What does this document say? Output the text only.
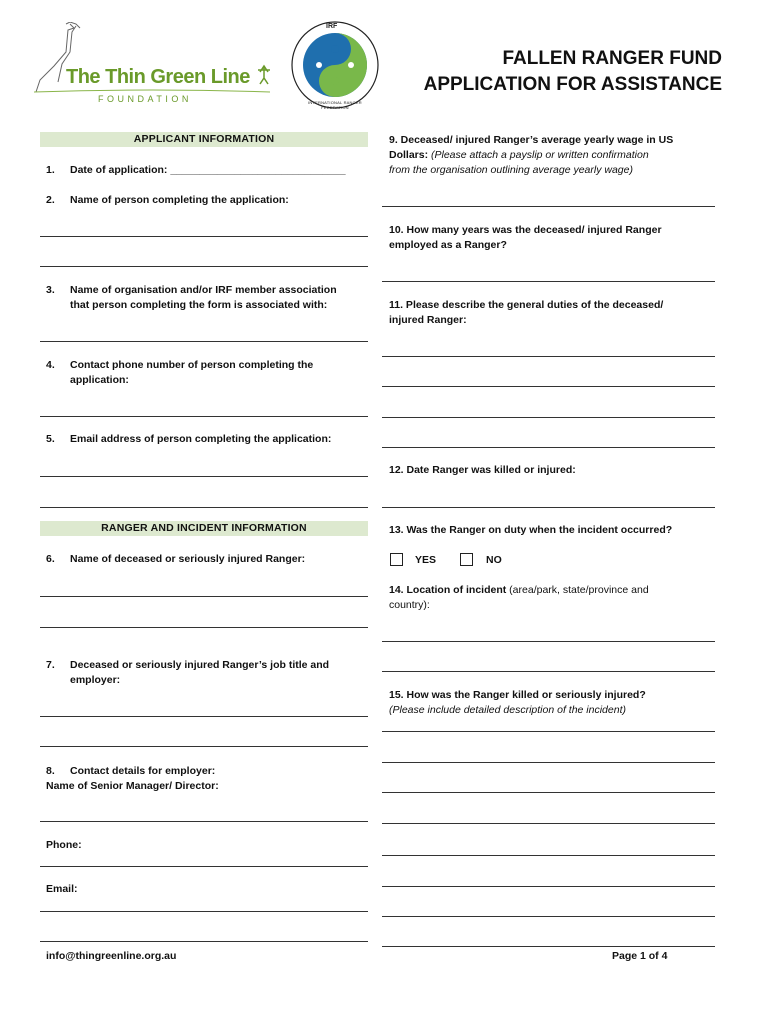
The Thin Green Line
FOUNDATION
IRF
INTERNATIONAL RANGER FEDERATION
FALLEN RANGER FUND
APPLICATION FOR ASSISTANCE
APPLICANT INFORMATION
1. Date of application: ______________________________
2. Name of person completing the application:
3. Name of organisation and/or IRF member association
that person completing the form is associated with:
4. Contact phone number of person completing the
application:
5. Email address of person completing the application:
RANGER AND INCIDENT INFORMATION
6. Name of deceased or seriously injured Ranger:
7. Deceased or seriously injured Ranger’s job title and
employer:
8. Contact details for employer:
Name of Senior Manager/ Director:
Phone:
Email:
9. Deceased/ injured Ranger’s average yearly wage in US
Dollars: (Please attach a payslip or written confirmation
from the organisation outlining average yearly wage)
10. How many years was the deceased/ injured Ranger
employed as a Ranger?
11. Please describe the general duties of the deceased/
injured Ranger:
12. Date Ranger was killed or injured:
13. Was the Ranger on duty when the incident occurred?
YES	NO
14. Location of incident (area/park, state/province and
country):
15. How was the Ranger killed or seriously injured?
(Please include detailed description of the incident)
info@thingreenline.org.au	Page 1 of 4
